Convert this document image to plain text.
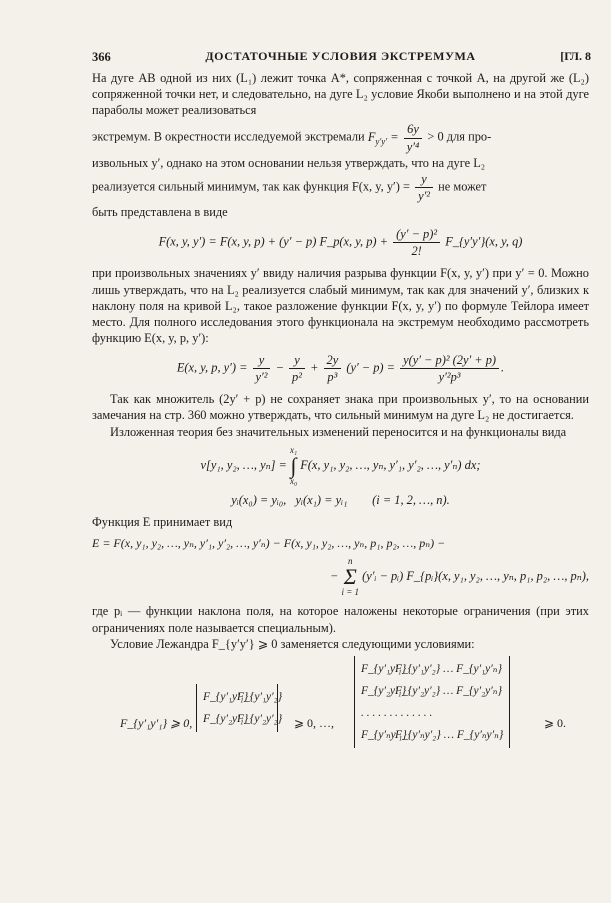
366	ДОСТАТОЧНЫЕ УСЛОВИЯ ЭКСТРЕМУМА	[ГЛ. 8

На дуге AB одной из них (L₁) лежит точка A*, сопряженная с точкой A, на другой же (L₂) сопряженной точки нет, и следовательно, на дуге L₂ условие Якоби выполнено и на этой дуге параболы может реализоваться

экстремум. В окрестности исследуемой экстремали $F_{y'y'} = \frac{6y}{\text{y′⁴}} > 0$ для про-

извольных y′, однако на этом основании нельзя утверждать, что на дуге L₂

реализуется сильный минимум, так как функция F(x, y, $y') = \frac{y}{\text{y′²}}$ не может

быть представлена в виде

F(x, y, y′) = F(x, y, p) + (y′ − p) F_p(x, y, $p) + \frac{\text{(y′ − p)²}}{2!}$ F_{y′y′}(x, y, q)

при произвольных значениях y′ ввиду наличия разрыва функции F(x, y, y′) при y′ = 0. Можно лишь утверждать, что на L₂ реализуется слабый минимум, так как для значений y′, близких к наклону поля на кривой L₂, такое разложение функции F(x, y, y′) по формуле Тейлора имеет место. Для полного исследования этого функционала на экстремум необходимо рассмотреть функцию E(x, y, p, y′):

E(x, y, p, $y') = \frac{y}{\text{y′²}} - \frac{y}{\text{p²}} + \frac{2y}{\text{p³}} (y' - p) = \frac{\text{y(y′ − p)² (2y′ + p)}}{\text{y′²p³}}$ .

Так как множитель (2y′ + p) не сохраняет знака при произвольных y′, то на основании замечания на стр. 360 можно утверждать, что сильный минимум на дуге L₂ не достигается.

Изложенная теория без значительных изменений переносится и на функционалы вида

v[y₁, y₂, …, yₙ] =
x₁
∫
x₀
F(x, y₁, y₂, …, yₙ, y′₁, y′₂, …, y′ₙ) dx;
yᵢ(x₀) = yᵢ₀,   yᵢ(x₁) = yᵢ₁        (i = 1, 2, …, n).

Функция E принимает вид

E = F(x, y₁, y₂, …, yₙ, y′₁, y′₂, …, y′ₙ) − F(x, y₁, y₂, …, yₙ, p₁, p₂, …, pₙ) −
−
n
Σ
i = 1
(y′ᵢ − pᵢ) F_{pᵢ}(x, y₁, y₂, …, yₙ, p₁, p₂, …, pₙ),

где pᵢ — функции наклона поля, на которое наложены некоторые ограничения (при этих ограничениях поле называется специальным).

Условие Лежандра F_{y′y′} ⩾ 0 заменяется следующими условиями:

F_{y′₁y′₁} ⩾ 0,
F_{y′₁y′₁}F_{y′₁y′₂}
F_{y′₂y′₁}F_{y′₂y′₂} ⩾ 0, …,
F_{y′₁y′₁}F_{y′₁y′₂} … F_{y′₁y′ₙ}
F_{y′₂y′₁}F_{y′₂y′₂} … F_{y′₂y′ₙ}
. . . . . . . . . . . . .
F_{y′ₙy′₁}F_{y′ₙy′₂} … F_{y′ₙy′ₙ}
⩾ 0.
